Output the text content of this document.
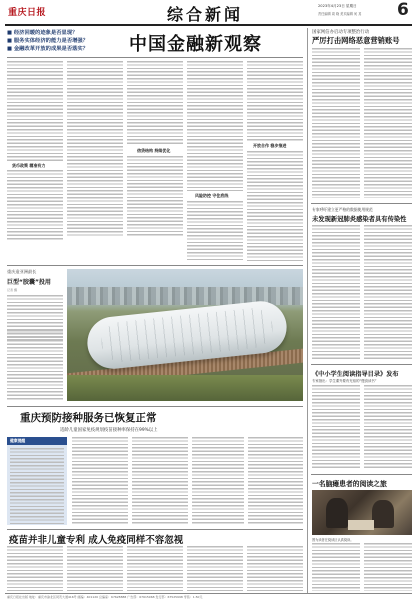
重庆日报	综合新闻	2023年4月23日 星期日
责任编辑 周 晓 美术编辑 何 其 6
■ 经济回暖的迹象是否显现？
■ 服务实体经济的能力是否增强？
■ 金融改革开放的成果是否落实？	中国金融新观察
货币政策 精准有力
信贷结构 持续优化
风险防控 守住底线
开放合作 稳步推进
国家网信办启动专项整治行动
严厉打击网络恶意营销账号
专家呼吁建立更严格的数据使用规范
未发现新冠肺炎感染者具有传染性
《中小学生阅读指导目录》发布
专家指出：学生课外要有充裕的“慢食读书”
一名脑瘫患者的阅读之旅
图为读者在阅读区认真阅读。
重庆造亚洲最长
巨型“胶囊”投用
记者 摄
重庆预防接种服务已恢复正常
适龄儿童国家免疫规划疫苗接种率保持在99%以上
健康提醒
疫苗并非儿童专利 成人免疫同样不容忽视
重庆日报社出版 地址：重庆市渝北区同茂大道416号 邮编：401120 总编室：67628888 广告部：67615968 发行部：67525998 零售：1.50元
